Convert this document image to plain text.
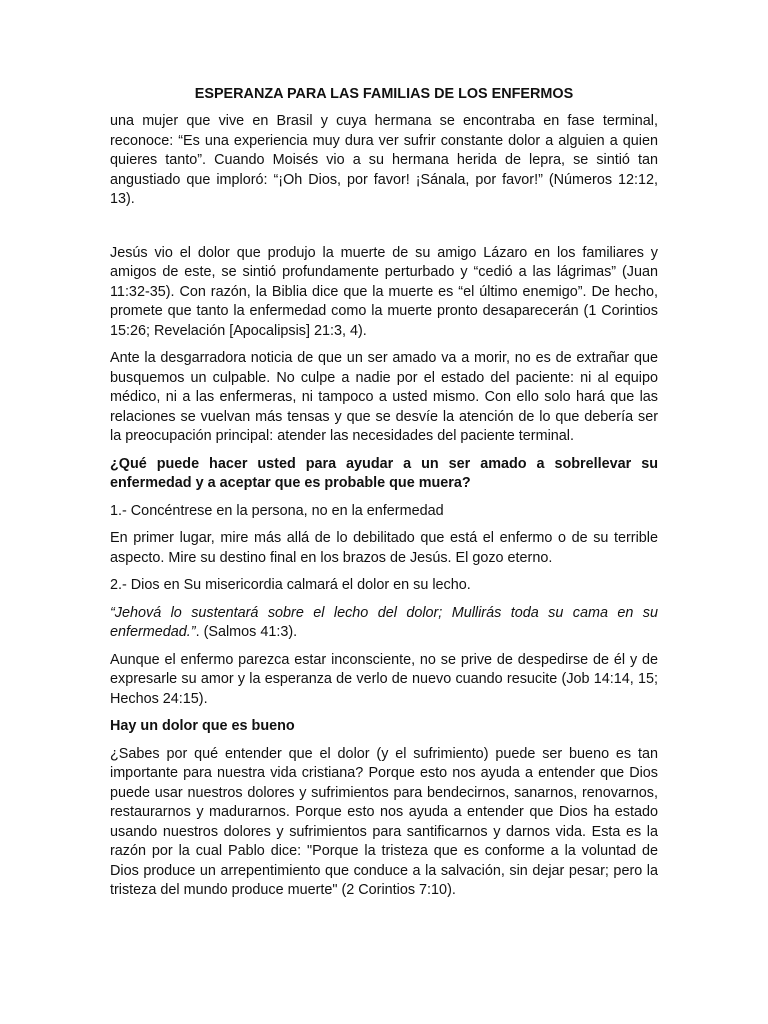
ESPERANZA PARA LAS FAMILIAS DE LOS ENFERMOS

una mujer que vive en Brasil y cuya hermana se encontraba en fase terminal, reconoce: “Es una experiencia muy dura ver sufrir constante dolor a alguien a quien quieres tanto”. Cuando Moisés vio a su hermana herida de lepra, se sintió tan angustiado que imploró: “¡Oh Dios, por favor! ¡Sánala, por favor!” (Números 12:12, 13).

Jesús vio el dolor que produjo la muerte de su amigo Lázaro en los familiares y amigos de este, se sintió profundamente perturbado y “cedió a las lágrimas” (Juan 11:32-35). Con razón, la Biblia dice que la muerte es “el último enemigo”. De hecho, promete que tanto la enfermedad como la muerte pronto desaparecerán (1 Corintios 15:26; Revelación [Apocalipsis] 21:3, 4).

Ante la desgarradora noticia de que un ser amado va a morir, no es de extrañar que busquemos un culpable. No culpe a nadie por el estado del paciente: ni al equipo médico, ni a las enfermeras, ni tampoco a usted mismo. Con ello solo hará que las relaciones se vuelvan más tensas y que se desvíe la atención de lo que debería ser la preocupación principal: atender las necesidades del paciente terminal.

¿Qué puede hacer usted para ayudar a un ser amado a sobrellevar su enfermedad y a aceptar que es probable que muera?

1.- Concéntrese en la persona, no en la enfermedad

En primer lugar, mire más allá de lo debilitado que está el enfermo o de su terrible aspecto. Mire su destino final en los brazos de Jesús. El gozo eterno.

2.- Dios en Su misericordia calmará el dolor en su lecho.

“Jehová lo sustentará sobre el lecho del dolor; Mullirás toda su cama en su enfermedad.”. (Salmos 41:3).

Aunque el enfermo parezca estar inconsciente, no se prive de despedirse de él y de expresarle su amor y la esperanza de verlo de nuevo cuando resucite (Job 14:14, 15; Hechos 24:15).

Hay un dolor que es bueno

¿Sabes por qué entender que el dolor (y el sufrimiento) puede ser bueno es tan importante para nuestra vida cristiana? Porque esto nos ayuda a entender que Dios puede usar nuestros dolores y sufrimientos para bendecirnos, sanarnos, renovarnos, restaurarnos y madurarnos. Porque esto nos ayuda a entender que Dios ha estado usando nuestros dolores y sufrimientos para santificarnos y darnos vida. Esta es la razón por la cual Pablo dice: "Porque la tristeza que es conforme a la voluntad de Dios produce un arrepentimiento que conduce a la salvación, sin dejar pesar; pero la tristeza del mundo produce muerte" (2 Corintios 7:10).
